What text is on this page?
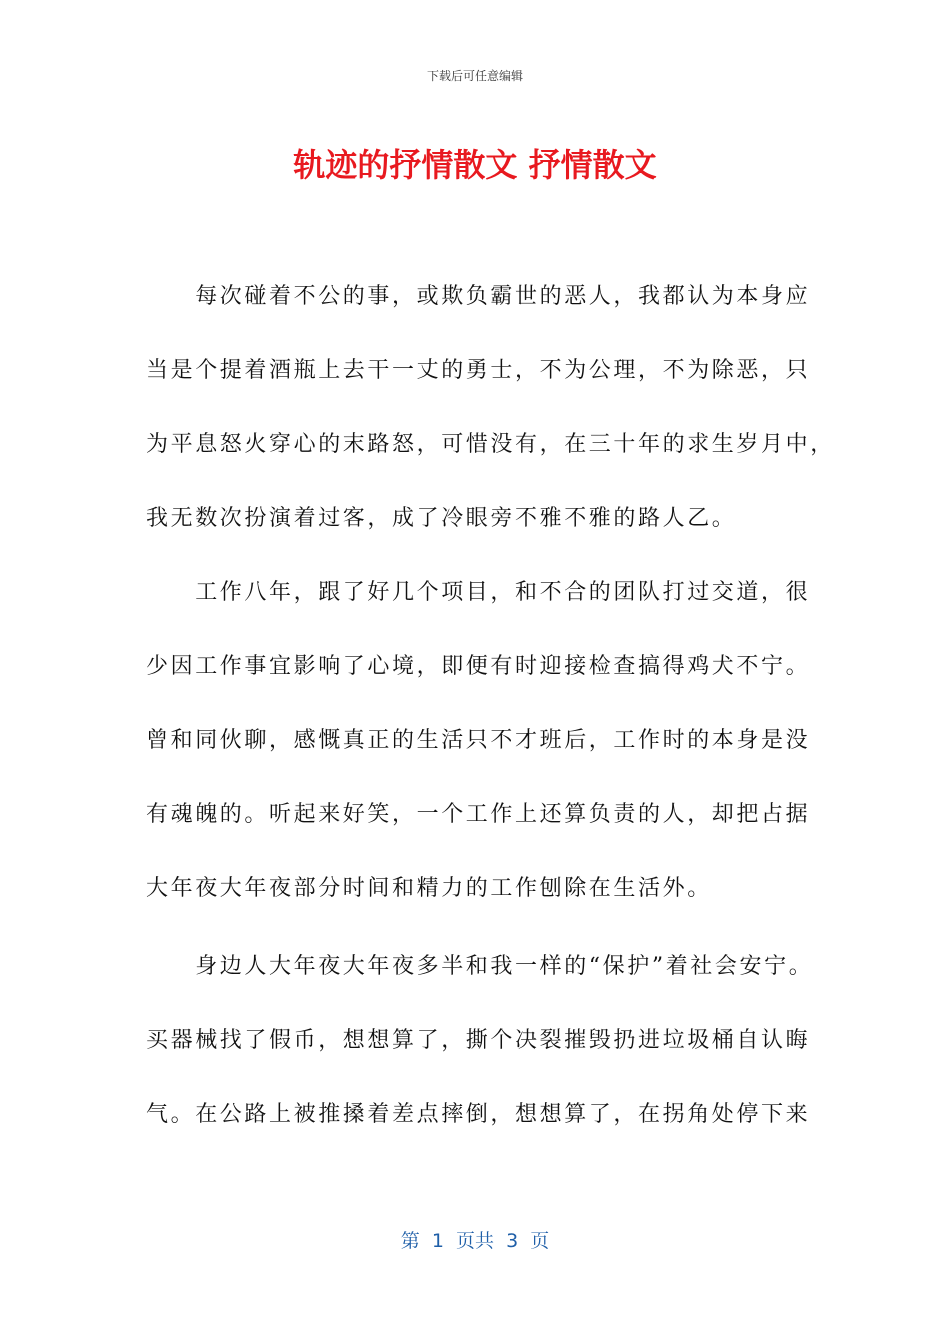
下载后可任意编辑
轨迹的抒情散文 抒情散文
　　每次碰着不公的事，或欺负霸世的恶人，我都认为本身应
当是个提着酒瓶上去干一丈的勇士，不为公理，不为除恶，只
为平息怒火穿心的末路怒，可惜没有，在三十年的求生岁月中，
我无数次扮演着过客，成了冷眼旁不雅不雅的路人乙。
　　工作八年，跟了好几个项目，和不合的团队打过交道，很
少因工作事宜影响了心境，即便有时迎接检查搞得鸡犬不宁。
曾和同伙聊，感慨真正的生活只不才班后，工作时的本身是没
有魂魄的。听起来好笑，一个工作上还算负责的人，却把占据
大年夜大年夜部分时间和精力的工作刨除在生活外。
　　身边人大年夜大年夜多半和我一样的“保护”着社会安宁。
买器械找了假币，想想算了，撕个决裂摧毁扔进垃圾桶自认晦
气。在公路上被推搡着差点摔倒，想想算了，在拐角处停下来
第  1  页共  3  页
